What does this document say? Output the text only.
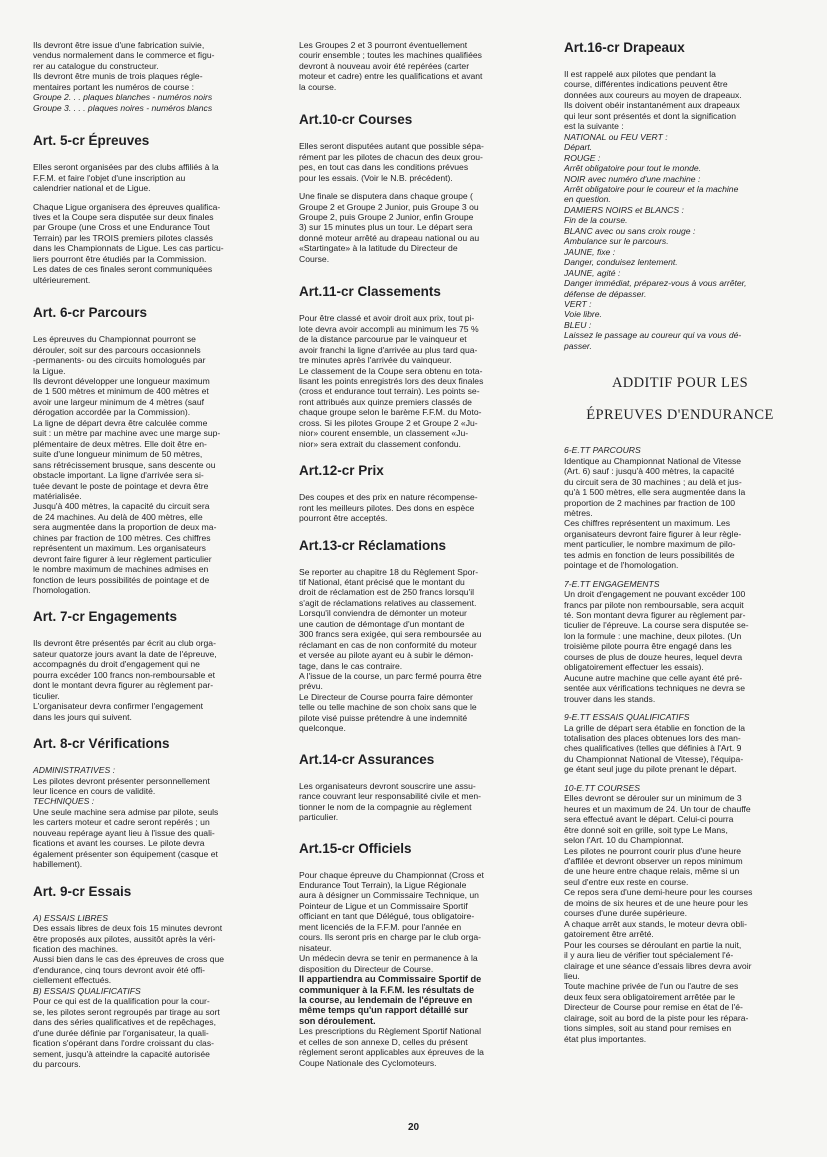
Ils devront être issue d'une fabrication suivie,
vendus normalement dans le commerce et figu-
rer au catalogue du constructeur.
Ils devront être munis de trois plaques régle-
mentaires portant les numéros de course :

Groupe 2. . . plaques blanches - numéros noirs
Groupe 3. . . . plaques noires - numéros blancs

Art. 5-cr Épreuves

Elles seront organisées par des clubs affiliés à la
F.F.M. et faire l'objet d'une inscription au
calendrier national et de Ligue.

Chaque Ligue organisera des épreuves qualifica-
tives et la Coupe sera disputée sur deux finales
par Groupe (une Cross et une Endurance Tout
Terrain) par les TROIS premiers pilotes classés
dans les Championnats de Ligue. Les cas particu-
liers pourront être étudiés par la Commission.
Les dates de ces finales seront communiquées
ultérieurement.

Art. 6-cr Parcours

Les épreuves du Championnat pourront se
dérouler, soit sur des parcours occasionnels
-permanents- ou des circuits homologués par
la Ligue.
Ils devront développer une longueur maximum
de 1 500 mètres et minimum de 400 mètres et
avoir une largeur minimum de 4 mètres (sauf
dérogation accordée par la Commission).
La ligne de départ devra être calculée comme
suit : un mètre par machine avec une marge sup-
plémentaire de deux mètres. Elle doit être en-
suite d'une longueur minimum de 50 mètres,
sans rétrécissement brusque, sans descente ou
obstacle important. La ligne d'arrivée sera si-
tuée devant le poste de pointage et devra être
matérialisée.
Jusqu'à 400 mètres, la capacité du circuit sera
de 24 machines. Au delà de 400 mètres, elle
sera augmentée dans la proportion de deux ma-
chines par fraction de 100 mètres. Ces chiffres
représentent un maximum. Les organisateurs
devront faire figurer à leur règlement particulier
le nombre maximum de machines admises en
fonction de leurs possibilités de pointage et de
l'homologation.

Art. 7-cr Engagements

Ils devront être présentés par écrit au club orga-
sateur quatorze jours avant la date de l'épreuve,
accompagnés du droit d'engagement qui ne
pourra excéder 100 francs non-remboursable et
dont le montant devra figurer au règlement par-
ticulier.
L'organisateur devra confirmer l'engagement
dans les jours qui suivent.

Art. 8-cr Vérifications
ADMINISTRATIVES :

Les pilotes devront présenter personnellement
leur licence en cours de validité.

TECHNIQUES :

Une seule machine sera admise par pilote, seuls
les carters moteur et cadre seront repérés ; un
nouveau repérage ayant lieu à l'issue des quali-
fications et avant les courses. Le pilote devra
également présenter son équipement (casque et
habillement).

Art. 9-cr Essais
A) ESSAIS LIBRES

Des essais libres de deux fois 15 minutes devront
être proposés aux pilotes, aussitôt après la véri-
fication des machines.
Aussi bien dans le cas des épreuves de cross que
d'endurance, cinq tours devront avoir été offi-
ciellement effectués.

B) ESSAIS QUALIFICATIFS

Pour ce qui est de la qualification pour la cour-
se, les pilotes seront regroupés par tirage au sort
dans des séries qualificatives et de repêchages,
d'une durée définie par l'organisateur, la quali-
fication s'opérant dans l'ordre croissant du clas-
sement, jusqu'à atteindre la capacité autorisée
du parcours.

Les Groupes 2 et 3 pourront éventuellement
courir ensemble ; toutes les machines qualifiées
devront à nouveau avoir été repérées (carter
moteur et cadre) entre les qualifications et avant
la course.

Art.10-cr Courses

Elles seront disputées autant que possible sépa-
rément par les pilotes de chacun des deux grou-
pes, en tout cas dans les conditions prévues
pour les essais. (Voir le N.B. précédent).

Une finale se disputera dans chaque groupe (
Groupe 2 et Groupe 2 Junior, puis Groupe 3 ou
Groupe 2, puis Groupe 2 Junior, enfin Groupe
3) sur 15 minutes plus un tour. Le départ sera
donné moteur arrêté au drapeau national ou au
«Startingate» à la latitude du Directeur de
Course.

Art.11-cr Classements

Pour être classé et avoir droit aux prix, tout pi-
lote devra avoir accompli au minimum les 75 %
de la distance parcourue par le vainqueur et
avoir franchi la ligne d'arrivée au plus tard qua-
tre minutes après l'arrivée du vainqueur.
Le classement de la Coupe sera obtenu en tota-
lisant les points enregistrés lors des deux finales
(cross et endurance tout terrain). Les points se-
ront attribués aux quinze premiers classés de
chaque groupe selon le barème F.F.M. du Moto-
cross. Si les pilotes Groupe 2 et Groupe 2 «Ju-
nior» courent ensemble, un classement «Ju-
nior» sera extrait du classement confondu.

Art.12-cr Prix

Des coupes et des prix en nature récompense-
ront les meilleurs pilotes. Des dons en espèce
pourront être acceptés.

Art.13-cr Réclamations

Se reporter au chapitre 18 du Règlement Spor-
tif National, étant précisé que le montant du
droit de réclamation est de 250 francs lorsqu'il
s'agit de réclamations relatives au classement.
Lorsqu'il conviendra de démonter un moteur
une caution de démontage d'un montant de
300 francs sera exigée, qui sera remboursée au
réclamant en cas de non conformité du moteur
et versée au pilote ayant eu à subir le démon-
tage, dans le cas contraire.
A l'issue de la course, un parc fermé pourra être
prévu.
Le Directeur de Course pourra faire démonter
telle ou telle machine de son choix sans que le
pilote visé puisse prétendre à une indemnité
quelconque.

Art.14-cr Assurances

Les organisateurs devront souscrire une assu-
rance couvrant leur responsabilité civile et men-
tionner le nom de la compagnie au règlement
particulier.

Art.15-cr Officiels

Pour chaque épreuve du Championnat (Cross et
Endurance Tout Terrain), la Ligue Régionale
aura à désigner un Commissaire Technique, un
Pointeur de Ligue et un Commissaire Sportif
officiant en tant que Délégué, tous obligatoire-
ment licenciés de la F.F.M. pour l'année en
cours. Ils seront pris en charge par le club orga-
nisateur.
Un médecin devra se tenir en permanence à la
disposition du Directeur de Course.

Il appartiendra au Commissaire Sportif de
communiquer à la F.F.M. les résultats de
la course, au lendemain de l'épreuve en
même temps qu'un rapport détaillé sur
son déroulement.

Les prescriptions du Règlement Sportif National
et celles de son annexe D, celles du présent
règlement seront applicables aux épreuves de la
Coupe Nationale des Cyclomoteurs.

Art.16-cr Drapeaux

Il est rappelé aux pilotes que pendant la
course, différentes indications peuvent être
données aux coureurs au moyen de drapeaux.
Ils doivent obéir instantanément aux drapeaux
qui leur sont présentés et dont la signification
est la suivante :

NATIONAL ou FEU VERT :
Départ.
ROUGE :
Arrêt obligatoire pour tout le monde.
NOIR avec numéro d'une machine :
Arrêt obligatoire pour le coureur et la machine
en question.
DAMIERS NOIRS et BLANCS :
Fin de la course.
BLANC avec ou sans croix rouge :
Ambulance sur le parcours.
JAUNE, fixe :
Danger, conduisez lentement.
JAUNE, agité :
Danger immédiat, préparez-vous à vous arrêter,
défense de dépasser.
VERT :
Voie libre.
BLEU :
Laissez le passage au coureur qui va vous dé-
passer.

ADDITIF POUR LES
ÉPREUVES D'ENDURANCE
6-E.TT PARCOURS

Identique au Championnat National de Vitesse
(Art. 6) sauf : jusqu'à 400 mètres, la capacité
du circuit sera de 30 machines ; au delà et jus-
qu'à 1 500 mètres, elle sera augmentée dans la
proportion de 2 machines par fraction de 100
mètres.
Ces chiffres représentent un maximum. Les
organisateurs devront faire figurer à leur règle-
ment particulier, le nombre maximum de pilo-
tes admis en fonction de leurs possibilités de
pointage et de l'homologation.

7-E.TT ENGAGEMENTS

Un droit d'engagement ne pouvant excéder 100
francs par pilote non remboursable, sera acquit
té. Son montant devra figurer au règlement par-
ticulier de l'épreuve. La course sera disputée se-
lon la formule : une machine, deux pilotes. (Un
troisième pilote pourra être engagé dans les
courses de plus de douze heures, lequel devra
obligatoirement effectuer les essais).
Aucune autre machine que celle ayant été pré-
sentée aux vérifications techniques ne devra se
trouver dans les stands.

9-E.TT ESSAIS QUALIFICATIFS

La grille de départ sera établie en fonction de la
totalisation des places obtenues lors des man-
ches qualificatives (telles que définies à l'Art. 9
du Championnat National de Vitesse), l'équipa-
ge étant seul juge du pilote prenant le départ.

10-E.TT COURSES

Elles devront se dérouler sur un minimum de 3
heures et un maximum de 24. Un tour de chauffe
sera effectué avant le départ. Celui-ci pourra
être donné soit en grille, soit type Le Mans,
selon l'Art. 10 du Championnat.
Les pilotes ne pourront courir plus d'une heure
d'affilée et devront observer un repos minimum
de une heure entre chaque relais, même si un
seul d'entre eux reste en course.
Ce repos sera d'une demi-heure pour les courses
de moins de six heures et de une heure pour les
courses d'une durée supérieure.
A chaque arrêt aux stands, le moteur devra obli-
gatoirement être arrêté.
Pour les courses se déroulant en partie la nuit,
il y aura lieu de vérifier tout spécialement l'é-
clairage et une séance d'essais libres devra avoir
lieu.
Toute machine privée de l'un ou l'autre de ses
deux feux sera obligatoirement arrêtée par le
Directeur de Course pour remise en état de l'é-
clairage, soit au bord de la piste pour les répara-
tions simples, soit au stand pour remises en
état plus importantes.

20
